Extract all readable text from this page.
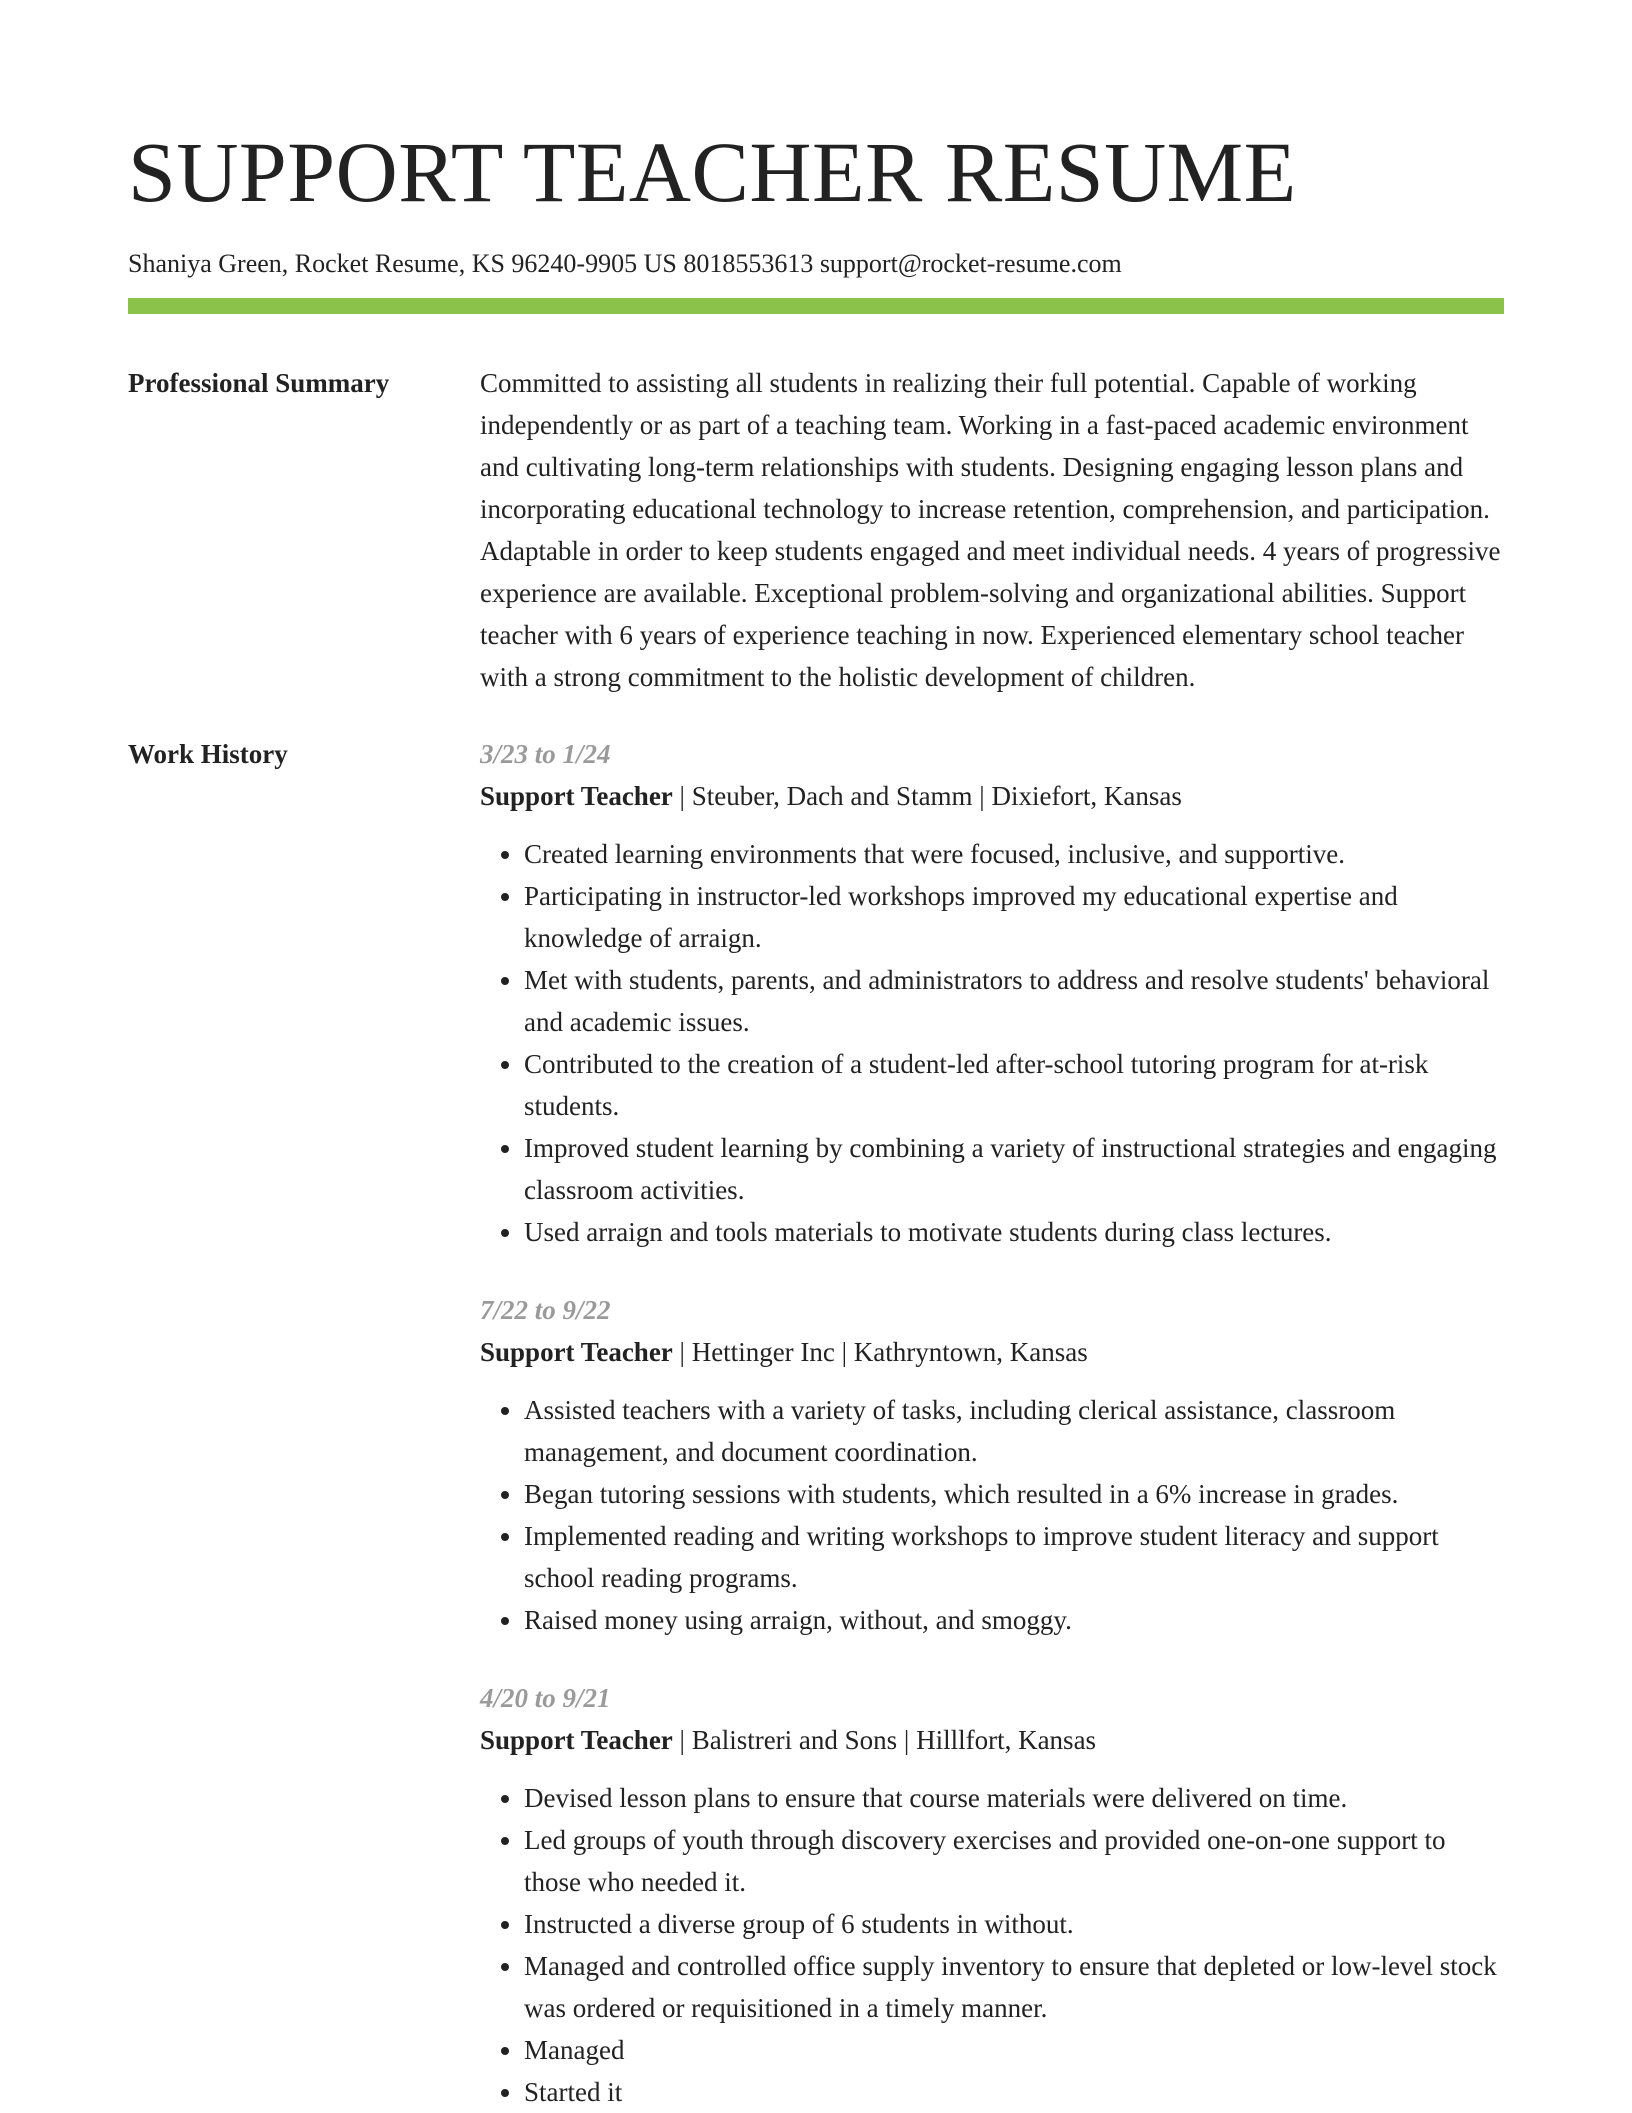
SUPPORT TEACHER RESUME
Shaniya Green, Rocket Resume, KS 96240-9905 US 8018553613 support@rocket-resume.com
Professional Summary	Committed to assisting all students in realizing their full potential. Capable of working independently or as part of a teaching team. Working in a fast-paced academic environment and cultivating long-term relationships with students. Designing engaging lesson plans and incorporating educational technology to increase retention, comprehension, and participation. Adaptable in order to keep students engaged and meet individual needs. 4 years of progressive experience are available. Exceptional problem-solving and organizational abilities. Support teacher with 6 years of experience teaching in now. Experienced elementary school teacher with a strong commitment to the holistic development of children.

Work History	3/23 to 1/24
Support Teacher | Steuber, Dach and Stamm | Dixiefort, Kansas
• Created learning environments that were focused, inclusive, and supportive.
• Participating in instructor-led workshops improved my educational expertise and knowledge of arraign.
• Met with students, parents, and administrators to address and resolve students' behavioral and academic issues.
• Contributed to the creation of a student-led after-school tutoring program for at-risk students.
• Improved student learning by combining a variety of instructional strategies and engaging classroom activities.
• Used arraign and tools materials to motivate students during class lectures.
7/22 to 9/22
Support Teacher | Hettinger Inc | Kathryntown, Kansas
• Assisted teachers with a variety of tasks, including clerical assistance, classroom management, and document coordination.
• Began tutoring sessions with students, which resulted in a 6% increase in grades.
• Implemented reading and writing workshops to improve student literacy and support school reading programs.
• Raised money using arraign, without, and smoggy.
4/20 to 9/21
Support Teacher | Balistreri and Sons | Hilllfort, Kansas
• Devised lesson plans to ensure that course materials were delivered on time.
• Led groups of youth through discovery exercises and provided one-on-one support to those who needed it.
• Instructed a diverse group of 6 students in without.
• Managed and controlled office supply inventory to ensure that depleted or low-level stock was ordered or requisitioned in a timely manner.
• Managed
• Started it
